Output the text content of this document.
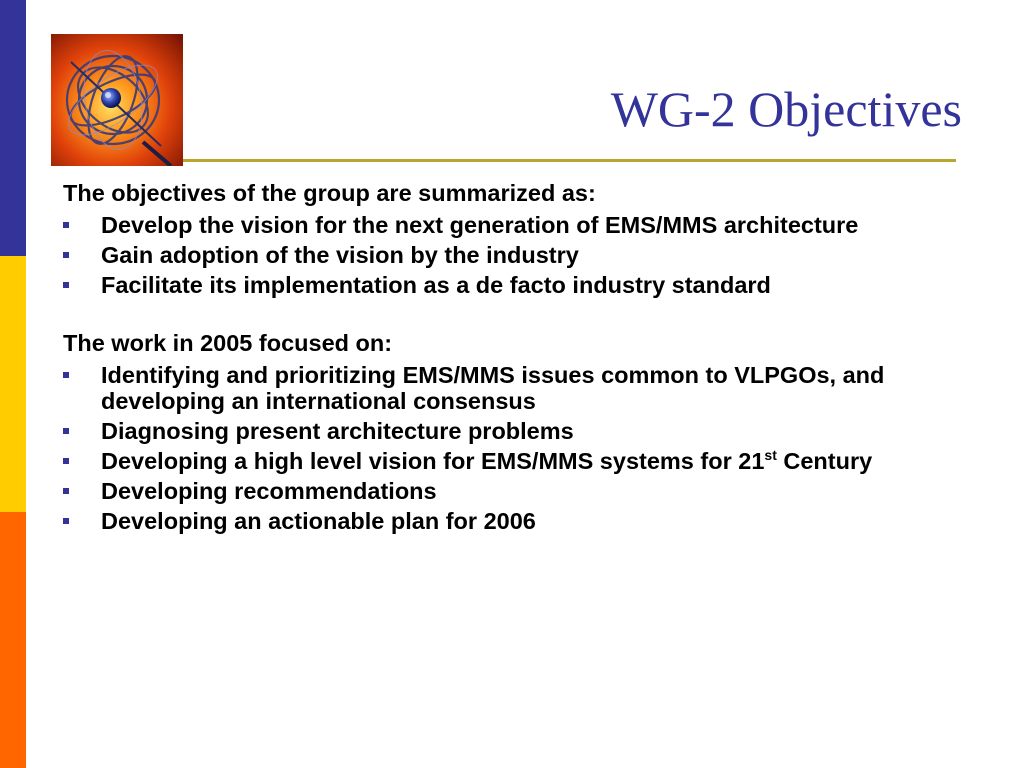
WG-2 Objectives

The objectives of the group are summarized as:

Develop the vision for the next generation of EMS/MMS architecture
Gain adoption of the vision by the industry
Facilitate its implementation as a de facto industry standard

The work in 2005 focused on:

Identifying and prioritizing EMS/MMS issues common to VLPGOs, and developing an international consensus
Diagnosing present architecture problems
Developing a high level vision for EMS/MMS systems for 21st Century
Developing recommendations
Developing an actionable plan for 2006
